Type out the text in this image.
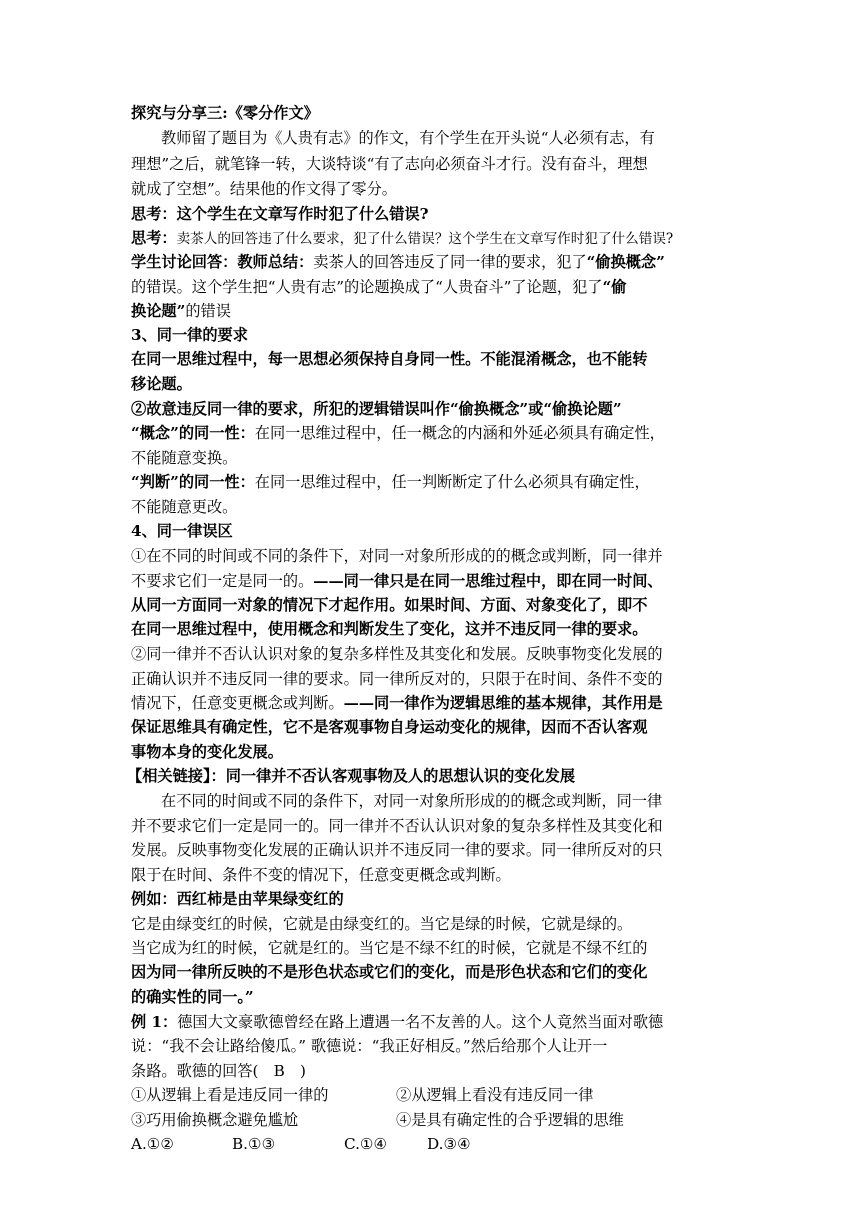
探究与分享三:《零分作文》
教师留了题目为《人贵有志》的作文，有个学生在开头说“人必须有志，有
理想”之后，就笔锋一转，大谈特谈“有了志向必须奋斗才行。没有奋斗，理想
就成了空想”。结果他的作文得了零分。
思考：这个学生在文章写作时犯了什么错误?
思考：卖茶人的回答违了什么要求，犯了什么错误？这个学生在文章写作时犯了什么错误?
学生讨论回答：教师总结：卖茶人的回答违反了同一律的要求，犯了“偷换概念”
的错误。这个学生把“人贵有志”的论题换成了“人贵奋斗”了论题，犯了“偷
换论题”的错误
3、同一律的要求
在同一思维过程中，每一思想必须保持自身同一性。不能混淆概念，也不能转
移论题。
②故意违反同一律的要求，所犯的逻辑错误叫作“偷换概念”或“偷换论题”
“概念”的同一性：在同一思维过程中，任一概念的内涵和外延必须具有确定性，
不能随意变换。
“判断”的同一性：在同一思维过程中，任一判断断定了什么必须具有确定性，
不能随意更改。
4、同一律误区
①在不同的时间或不同的条件下，对同一对象所形成的的概念或判断，同一律并
不要求它们一定是同一的。——同一律只是在同一思维过程中，即在同一时间、
从同一方面同一对象的情况下才起作用。如果时间、方面、对象变化了，即不
在同一思维过程中，使用概念和判断发生了变化，这并不违反同一律的要求。
②同一律并不否认认识对象的复杂多样性及其变化和发展。反映事物变化发展的
正确认识并不违反同一律的要求。同一律所反对的，只限于在时间、条件不变的
情况下，任意变更概念或判断。——同一律作为逻辑思维的基本规律，其作用是
保证思维具有确定性，它不是客观事物自身运动变化的规律，因而不否认客观
事物本身的变化发展。
【相关链接】：同一律并不否认客观事物及人的思想认识的变化发展
在不同的时间或不同的条件下，对同一对象所形成的的概念或判断，同一律
并不要求它们一定是同一的。同一律并不否认认识对象的复杂多样性及其变化和
发展。反映事物变化发展的正确认识并不违反同一律的要求。同一律所反对的只
限于在时间、条件不变的情况下，任意变更概念或判断。
例如：西红柿是由苹果绿变红的
它是由绿变红的时候，它就是由绿变红的。当它是绿的时候，它就是绿的。
当它成为红的时候，它就是红的。当它是不绿不红的时候，它就是不绿不红的
因为同一律所反映的不是形色状态或它们的变化，而是形色状态和它们的变化
的确实性的同一。”
例 1：德国大文豪歌德曾经在路上遭遇一名不友善的人。这个人竟然当面对歌德
说：“我不会让路给傻瓜。” 歌德说：“我正好相反。”然后给那个人让开一
条路。歌德的回答(　B　)
①从逻辑上看是违反同一律的	②从逻辑上看没有违反同一律
③巧用偷换概念避免尴尬	④是具有确定性的合乎逻辑的思维
A.①②	B.①③	C.①④	D.③④
